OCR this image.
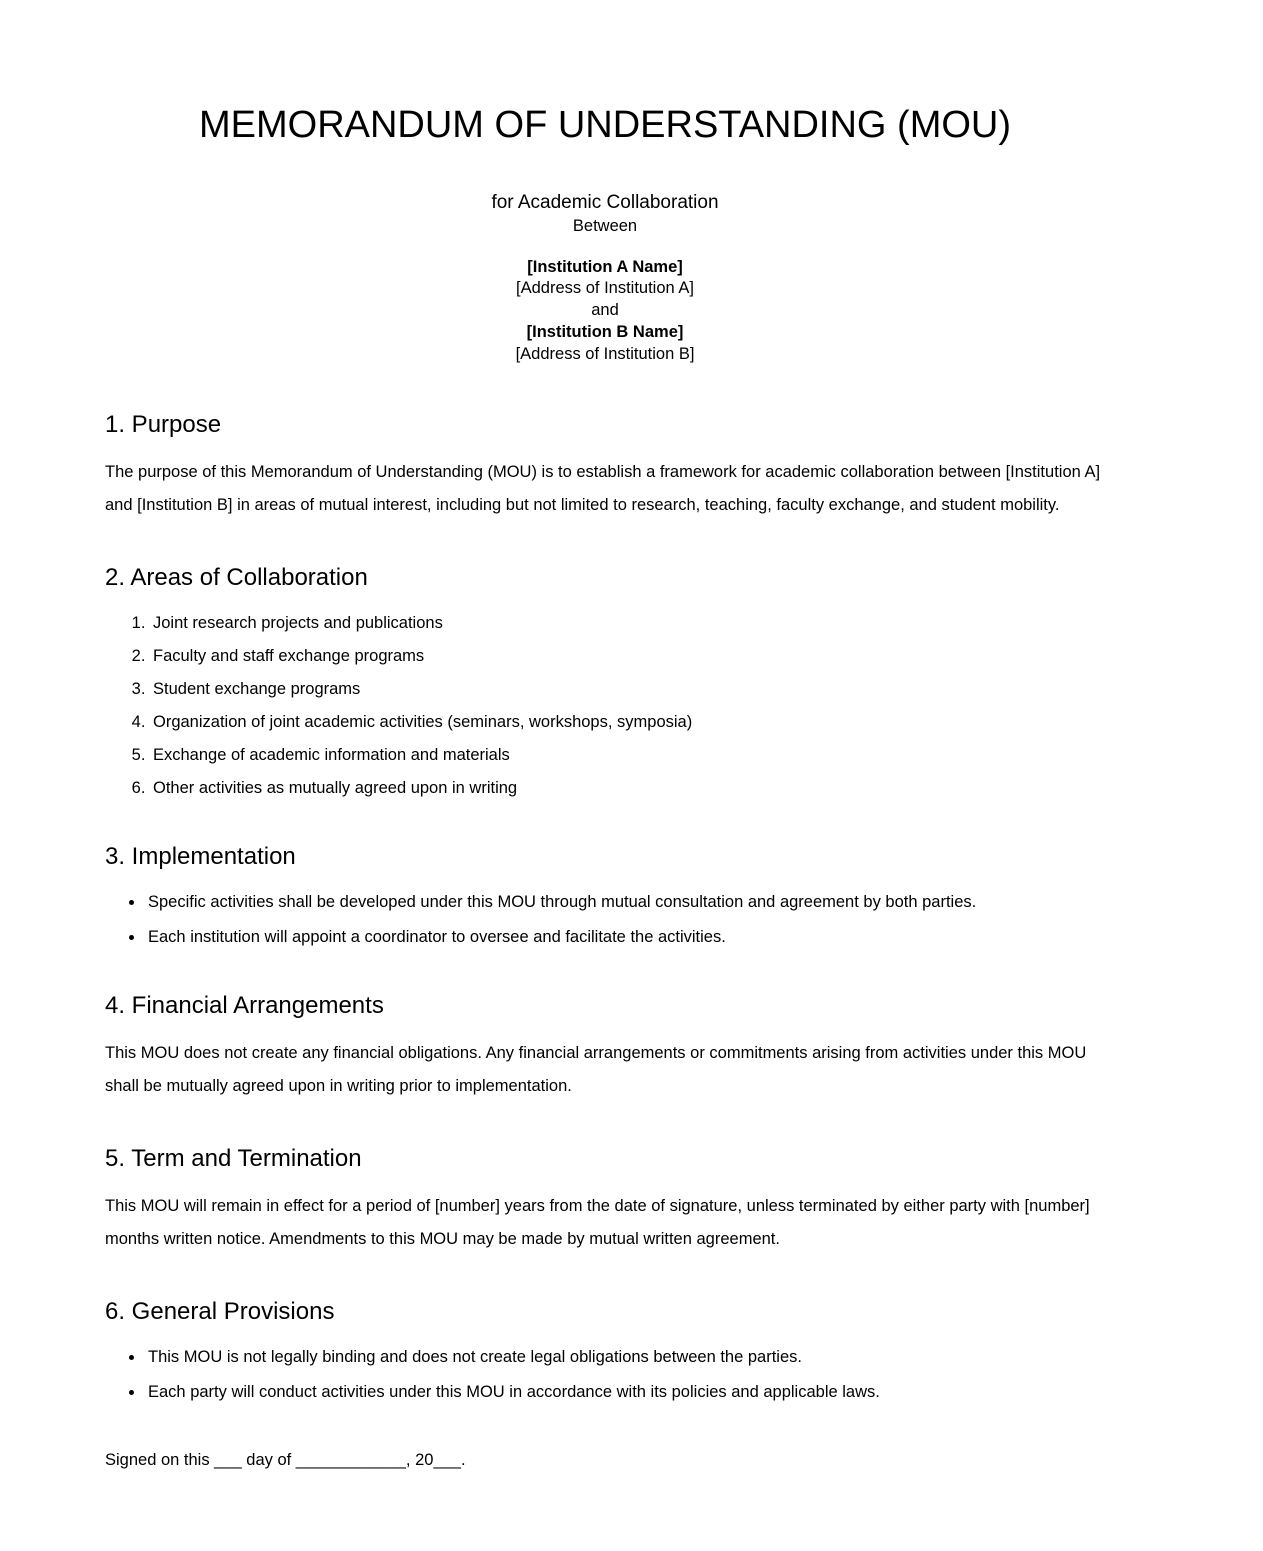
MEMORANDUM OF UNDERSTANDING (MOU)
for Academic Collaboration
Between
[Institution A Name]
[Address of Institution A]
and
[Institution B Name]
[Address of Institution B]
1. Purpose

The purpose of this Memorandum of Understanding (MOU) is to establish a framework for academic collaboration between [Institution A] and [Institution B] in areas of mutual interest, including but not limited to research, teaching, faculty exchange, and student mobility.

2. Areas of Collaboration
1. Joint research projects and publications
2. Faculty and staff exchange programs
3. Student exchange programs
4. Organization of joint academic activities (seminars, workshops, symposia)
5. Exchange of academic information and materials
6. Other activities as mutually agreed upon in writing
3. Implementation
• Specific activities shall be developed under this MOU through mutual consultation and agreement by both parties.
• Each institution will appoint a coordinator to oversee and facilitate the activities.
4. Financial Arrangements

This MOU does not create any financial obligations. Any financial arrangements or commitments arising from activities under this MOU shall be mutually agreed upon in writing prior to implementation.

5. Term and Termination

This MOU will remain in effect for a period of [number] years from the date of signature, unless terminated by either party with [number] months written notice. Amendments to this MOU may be made by mutual written agreement.

6. General Provisions
• This MOU is not legally binding and does not create legal obligations between the parties.
• Each party will conduct activities under this MOU in accordance with its policies and applicable laws.

Signed on this ___ day of ____________, 20___.
